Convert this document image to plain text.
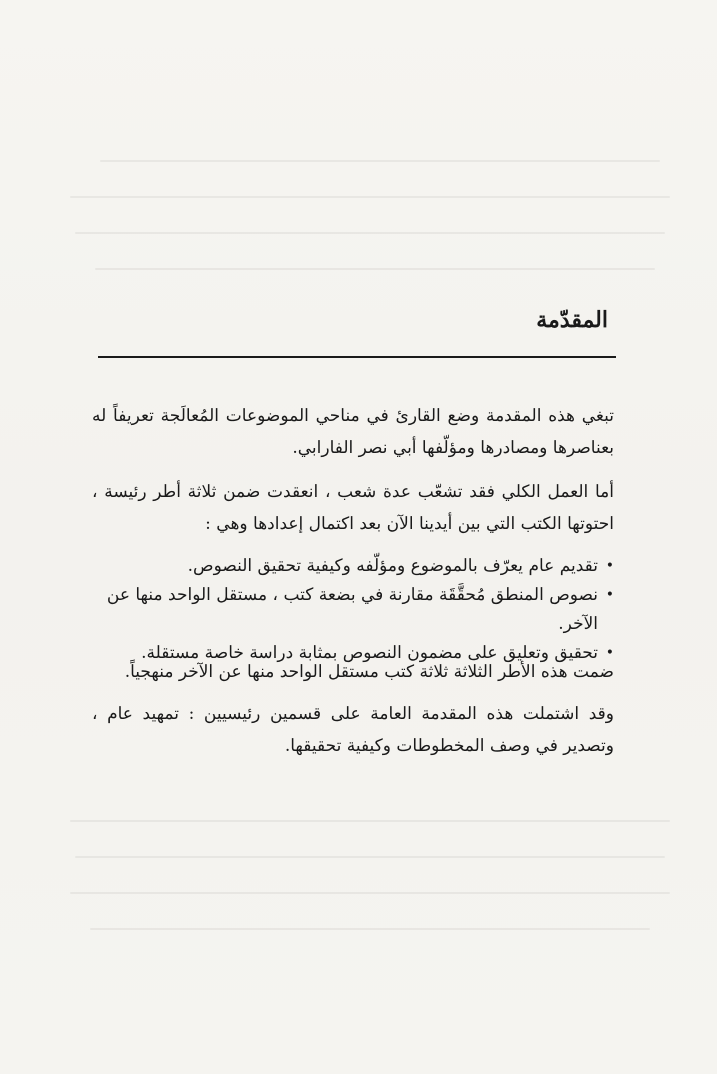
المقدّمة

تبغي هذه المقدمة وضع القارئ في مناحي الموضوعات المُعالَجة تعريفاً له بعناصرها ومصادرها ومؤلّفها أبي نصر الفارابي.

أما العمل الكلي فقد تشعّب عدة شعب ، انعقدت ضمن ثلاثة أطر رئيسة ، احتوتها الكتب التي بين أيدينا الآن بعد اكتمال إعدادها وهي :

•
تقديم عام يعرّف بالموضوع ومؤلّفه وكيفية تحقيق النصوص.
•
نصوص المنطق مُحقَّقَة مقارنة في بضعة كتب ، مستقل الواحد منها عن الآخر.
•
تحقيق وتعليق على مضمون النصوص بمثابة دراسة خاصة مستقلة.

ضمت هذه الأطر الثلاثة ثلاثة كتب مستقل الواحد منها عن الآخر منهجياً.

وقد اشتملت هذه المقدمة العامة على قسمين رئيسيين : تمهيد عام ، وتصدير في وصف المخطوطات وكيفية تحقيقها.
